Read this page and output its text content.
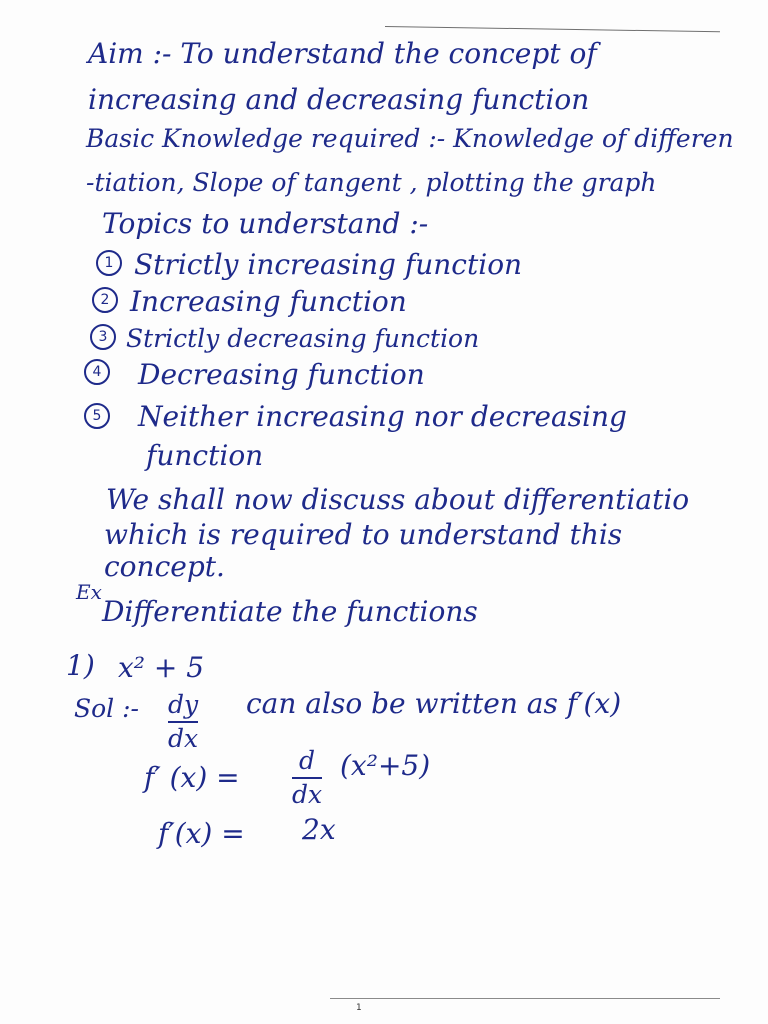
Aim :- To understand the concept of
increasing and decreasing function
Basic Knowledge required :- Knowledge of differen
-tiation, Slope of tangent , plotting the graph
Topics to understand :-
1 Strictly increasing function
2 Increasing function
3 Strictly decreasing function
4	Decreasing function
5	Neither increasing nor decreasing
function
We shall now discuss about differentiatio
which is required to understand this
concept.
Ex
Differentiate the functions
1) x² + 5
Sol :- dy
dx
can also be written as f′(x)
f′ (x) =
d
dx
(x²+5)
f′(x) = 2x
1
